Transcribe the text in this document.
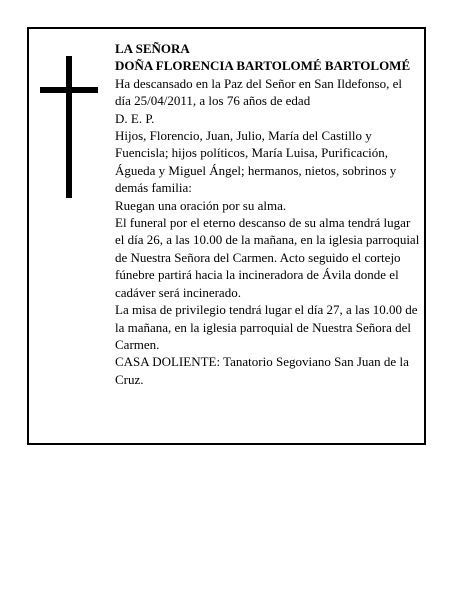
LA SEÑORA

DOÑA FLORENCIA BARTOLOMÉ BARTOLOMÉ

Ha descansado en la Paz del Señor en San Ildefonso, el día 25/04/2011, a los 76 años de edad

D. E. P.

Hijos, Florencio, Juan, Julio, María del Castillo y Fuencisla; hijos políticos, María Luisa, Purificación, Águeda y Miguel Ángel; hermanos, nietos, sobrinos y demás familia:

Ruegan una oración por su alma.

El funeral por el eterno descanso de su alma tendrá lugar el día 26, a las 10.00 de la mañana, en la iglesia parroquial de Nuestra Señora del Carmen. Acto seguido el cortejo fúnebre partirá hacia la incineradora de Ávila donde el cadáver será incinerado.

La misa de privilegio tendrá lugar el día 27, a las 10.00 de la mañana, en la iglesia parroquial de Nuestra Señora del Carmen.

CASA DOLIENTE: Tanatorio Segoviano San Juan de la Cruz.
